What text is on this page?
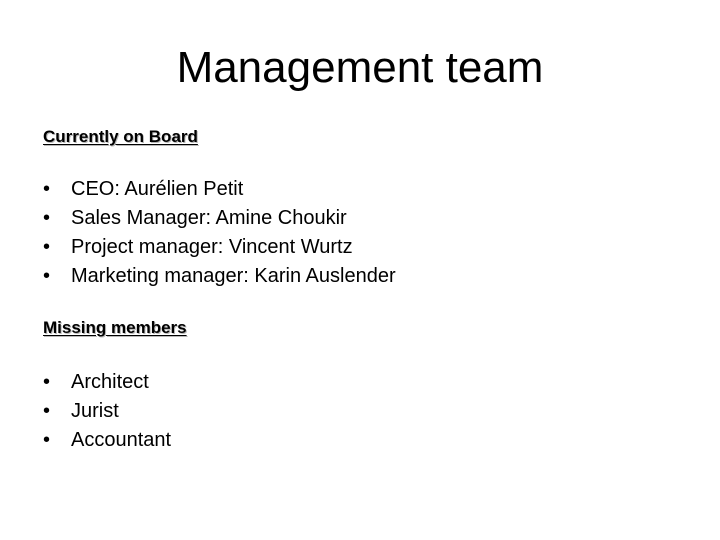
Management team
Currently on Board
•	CEO: Aurélien Petit
•	Sales Manager: Amine Choukir
•	Project manager: Vincent Wurtz
•	Marketing manager: Karin Auslender
Missing members
•	Architect
•	Jurist
•	Accountant
